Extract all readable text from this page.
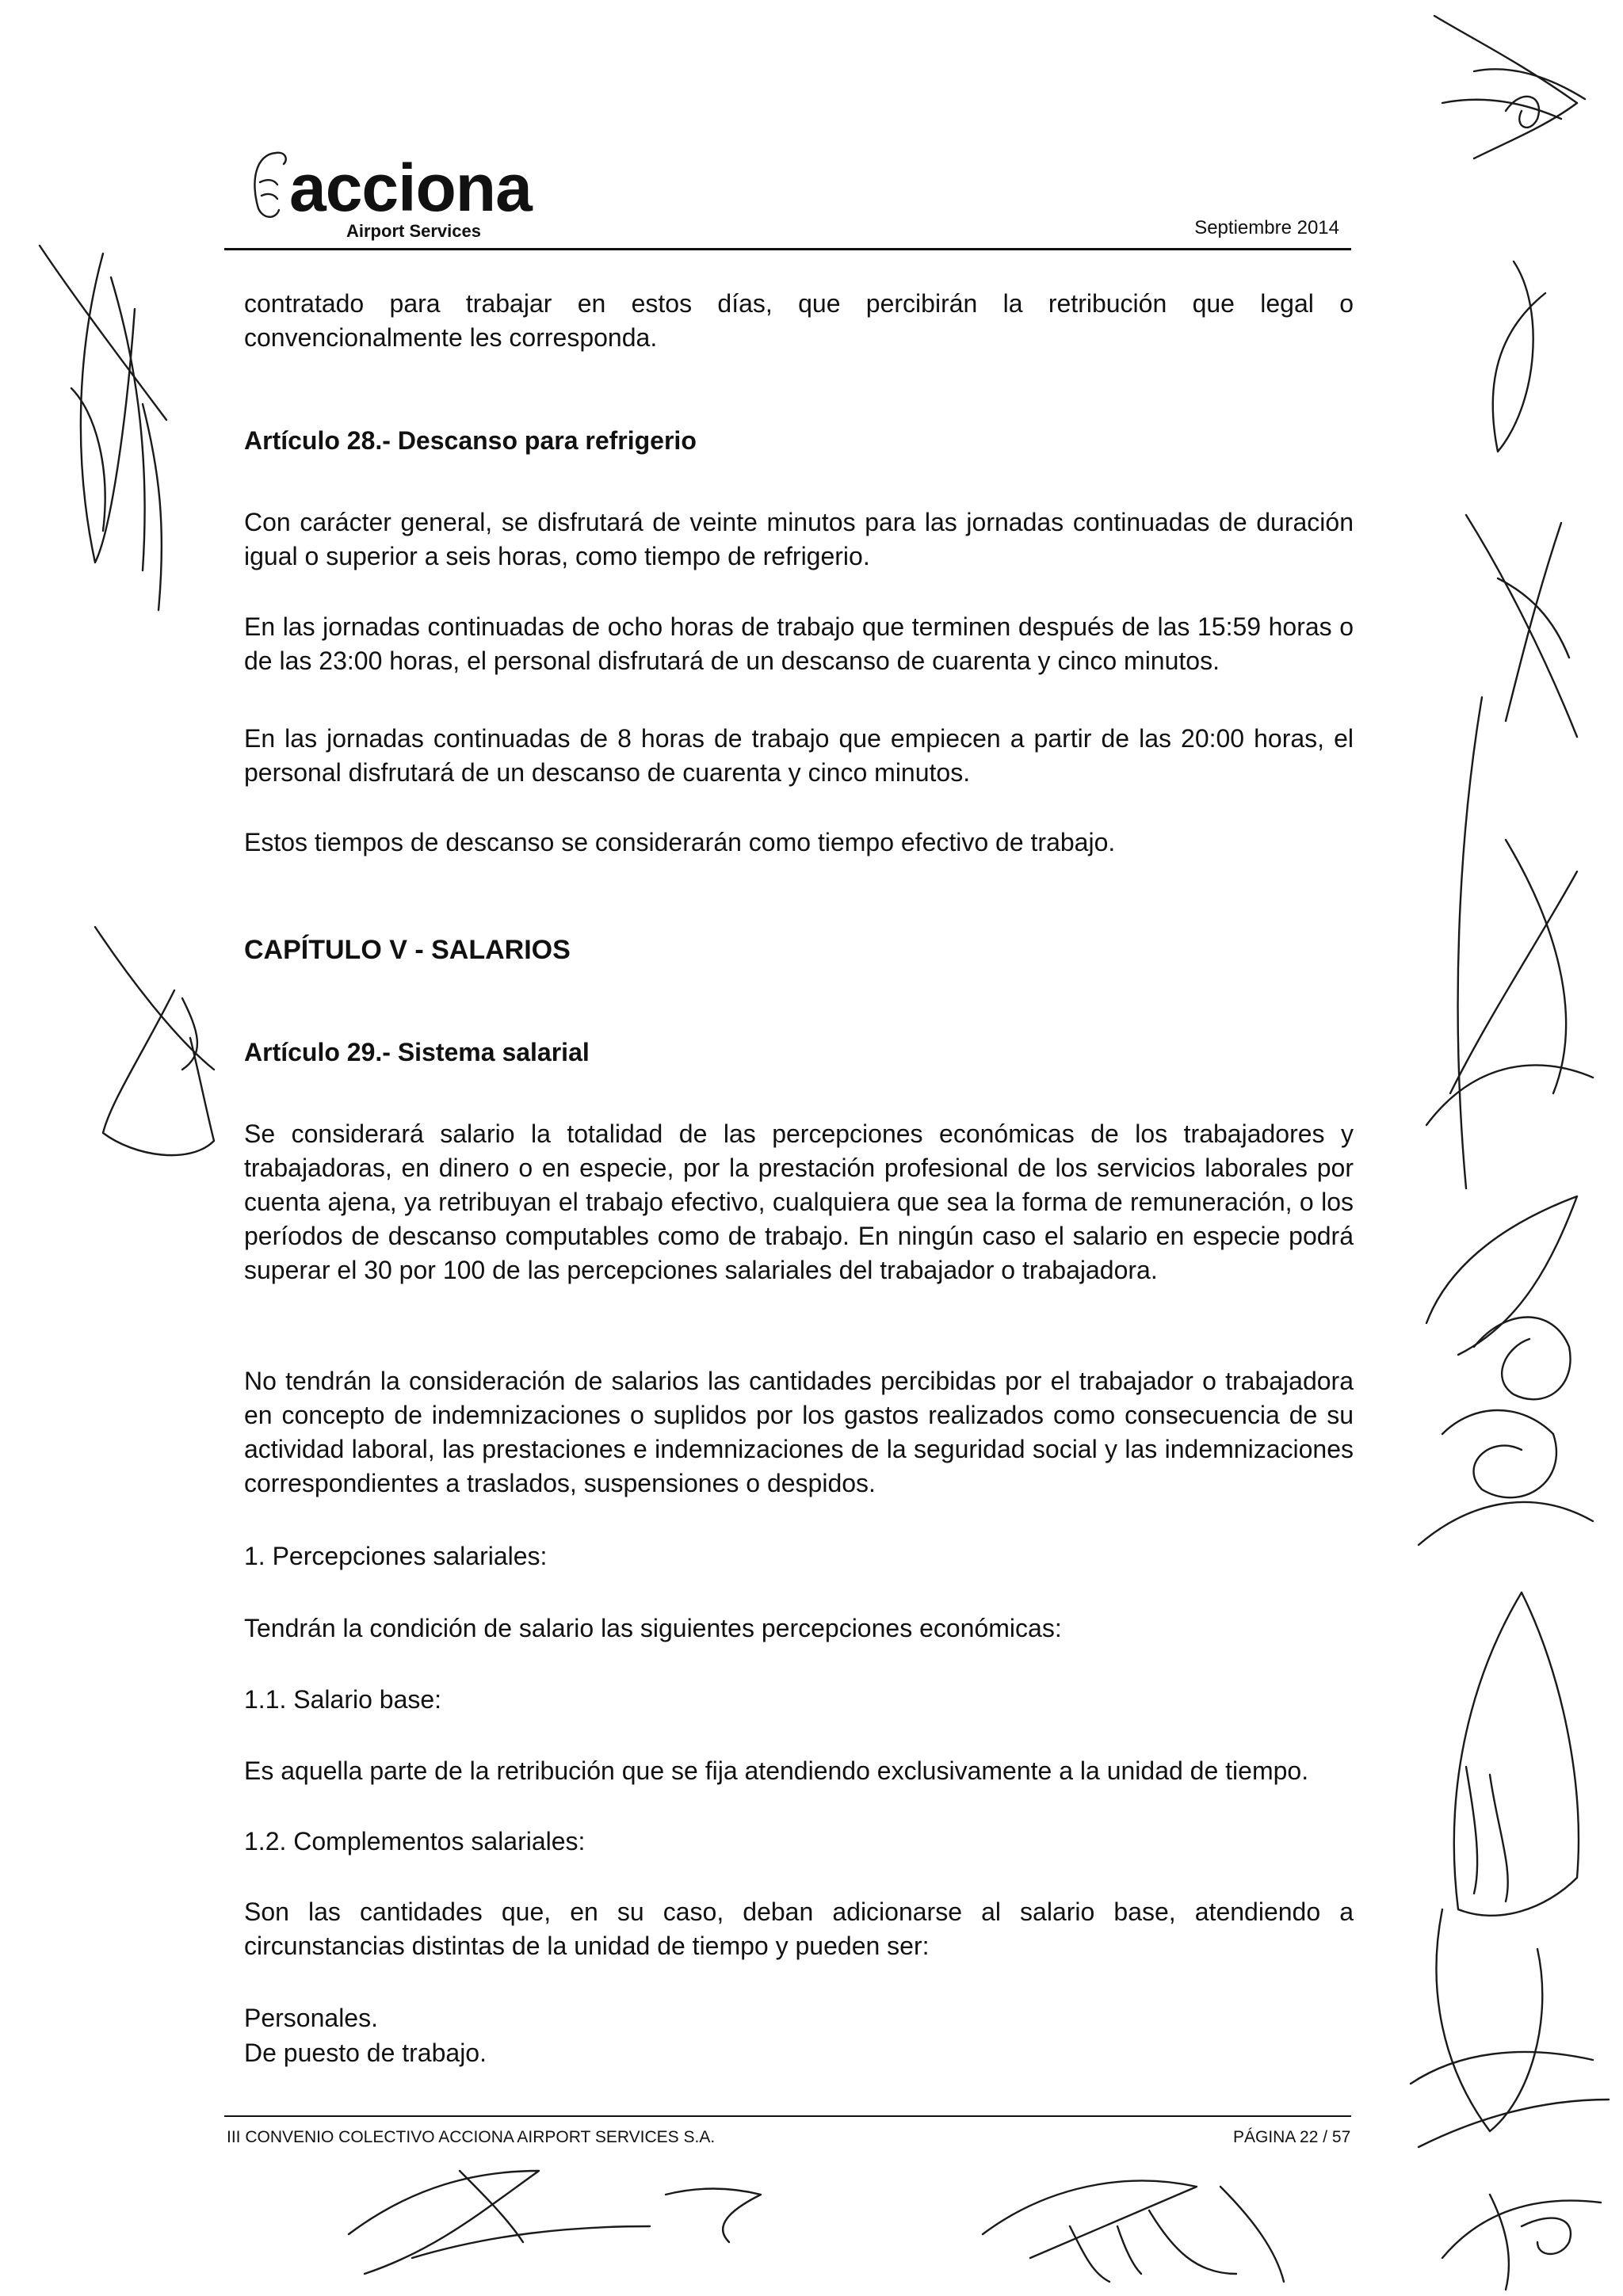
acciona
Airport Services	Septiembre 2014
contratado para trabajar en estos días, que percibirán la retribución que legal o convencionalmente les corresponda.
Artículo 28.- Descanso para refrigerio
Con carácter general, se disfrutará de veinte minutos para las jornadas continuadas de duración igual o superior a seis horas, como tiempo de refrigerio.
En las jornadas continuadas de ocho horas de trabajo que terminen después de las 15:59 horas o de las 23:00 horas, el personal disfrutará de un descanso de cuarenta y cinco minutos.
En las jornadas continuadas de 8 horas de trabajo que empiecen a partir de las 20:00 horas, el personal disfrutará de un descanso de cuarenta y cinco minutos.
Estos tiempos de descanso se considerarán como tiempo efectivo de trabajo.
CAPÍTULO V - SALARIOS
Artículo 29.- Sistema salarial
Se considerará salario la totalidad de las percepciones económicas de los trabajadores y trabajadoras, en dinero o en especie, por la prestación profesional de los servicios laborales por cuenta ajena, ya retribuyan el trabajo efectivo, cualquiera que sea la forma de remuneración, o los períodos de descanso computables como de trabajo. En ningún caso el salario en especie podrá superar el 30 por 100 de las percepciones salariales del trabajador o trabajadora.
No tendrán la consideración de salarios las cantidades percibidas por el trabajador o trabajadora en concepto de indemnizaciones o suplidos por los gastos realizados como consecuencia de su actividad laboral, las prestaciones e indemnizaciones de la seguridad social y las indemnizaciones correspondientes a traslados, suspensiones o despidos.
1. Percepciones salariales:
Tendrán la condición de salario las siguientes percepciones económicas:
1.1. Salario base:
Es aquella parte de la retribución que se fija atendiendo exclusivamente a la unidad de tiempo.
1.2. Complementos salariales:
Son las cantidades que, en su caso, deban adicionarse al salario base, atendiendo a circunstancias distintas de la unidad de tiempo y pueden ser:
Personales.
De puesto de trabajo.
III CONVENIO COLECTIVO ACCIONA AIRPORT SERVICES S.A.	PÁGINA 22 / 57
